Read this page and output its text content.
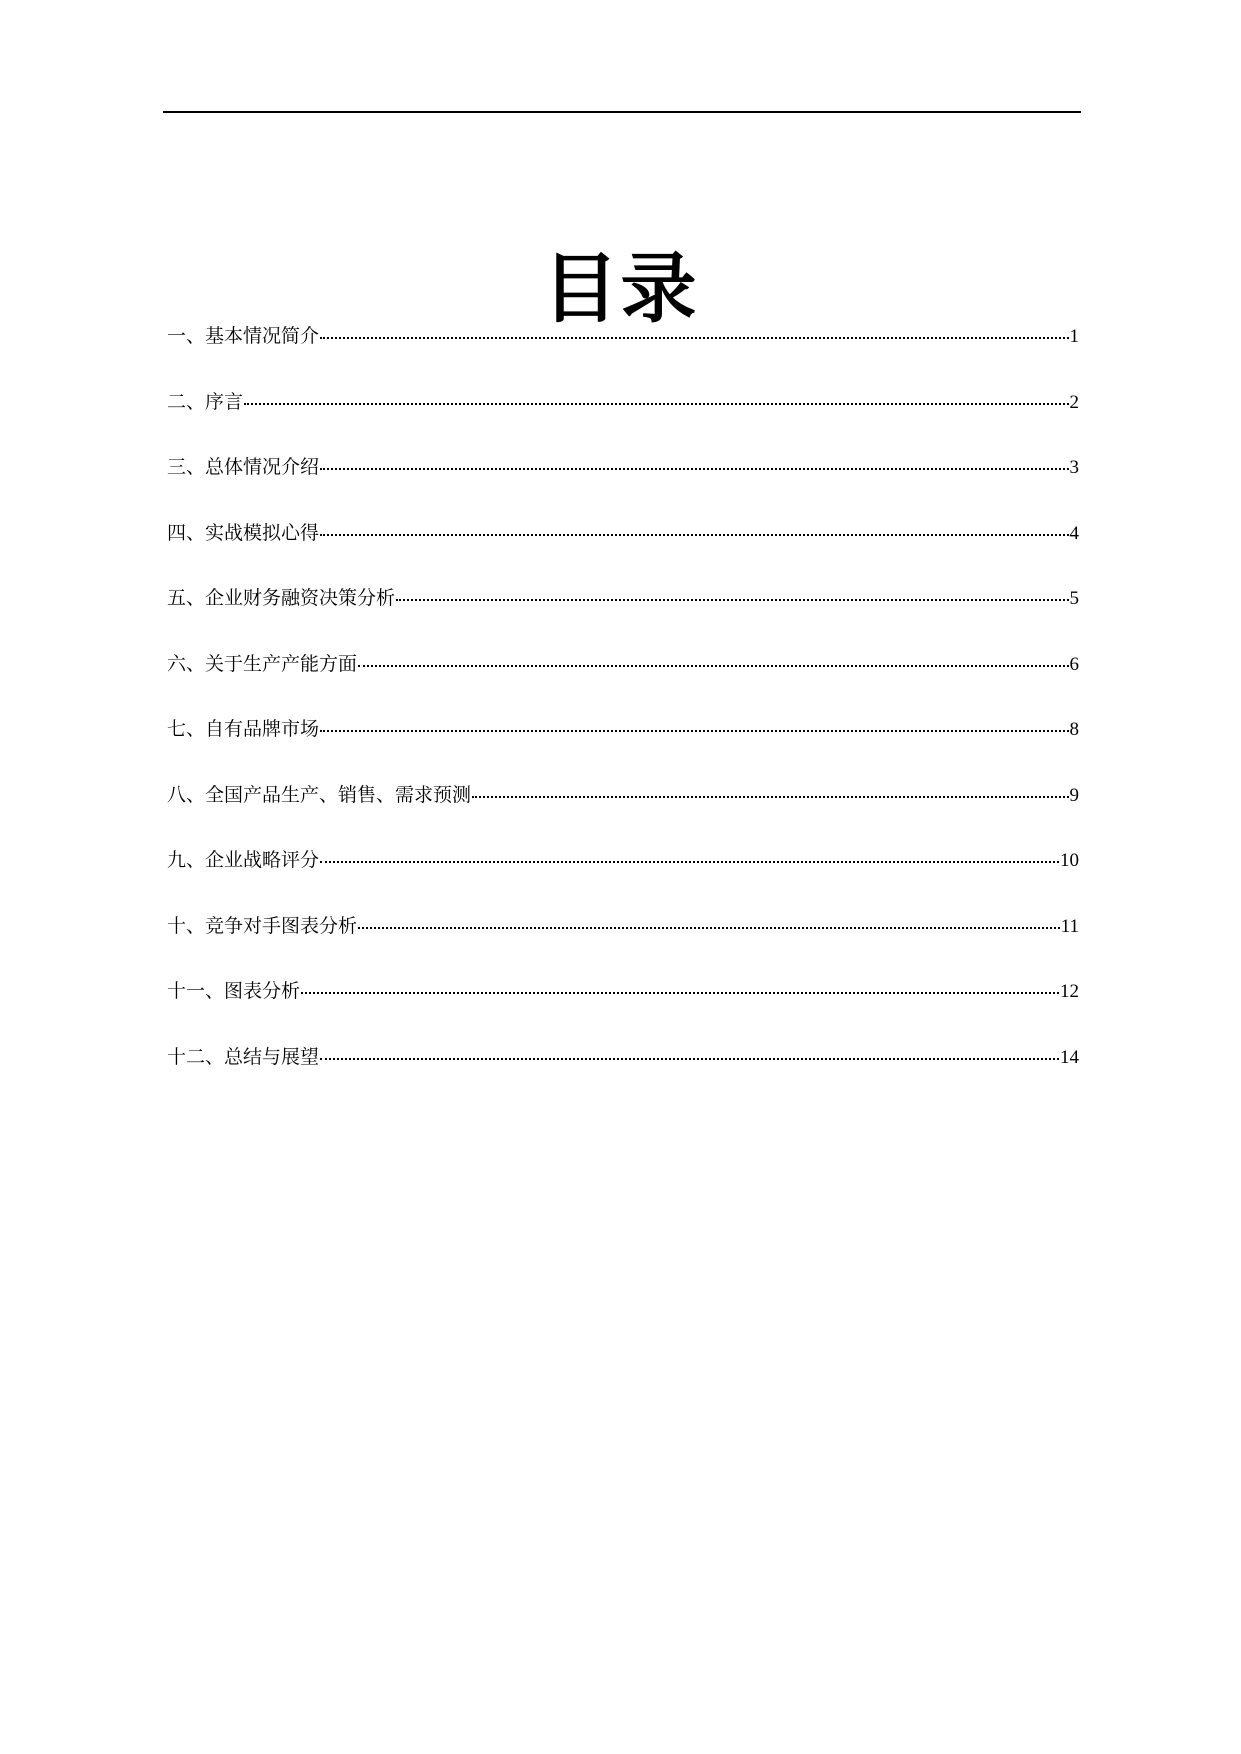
目录
一、基本情况简介	1
二、序言	2
三、总体情况介绍	3
四、实战模拟心得	4
五、企业财务融资决策分析	5
六、关于生产产能方面	6
七、自有品牌市场	8
八、全国产品生产、销售、需求预测	9
九、企业战略评分	10
十、竞争对手图表分析	11
十一、图表分析	12
十二、总结与展望	14
